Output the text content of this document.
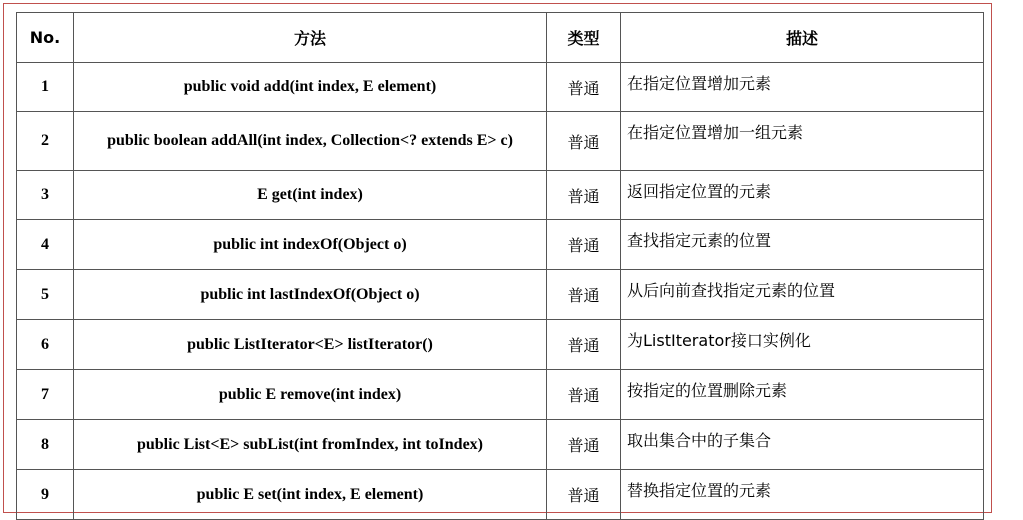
No.	方法	类型	描述
1	public void add(int index, E element)	普通	在指定位置增加元素
2	public boolean addAll(int index, Collection<? extends E> c)	普通	在指定位置增加一组元素
3	E get(int index)	普通	返回指定位置的元素
4	public int indexOf(Object o)	普通	查找指定元素的位置
5	public int lastIndexOf(Object o)	普通	从后向前查找指定元素的位置
6	public ListIterator<E> listIterator()	普通	为ListIterator接口实例化
7	public E remove(int index)	普通	按指定的位置删除元素
8	public List<E> subList(int fromIndex, int toIndex)	普通	取出集合中的子集合
9	public E set(int index, E element)	普通	替换指定位置的元素
